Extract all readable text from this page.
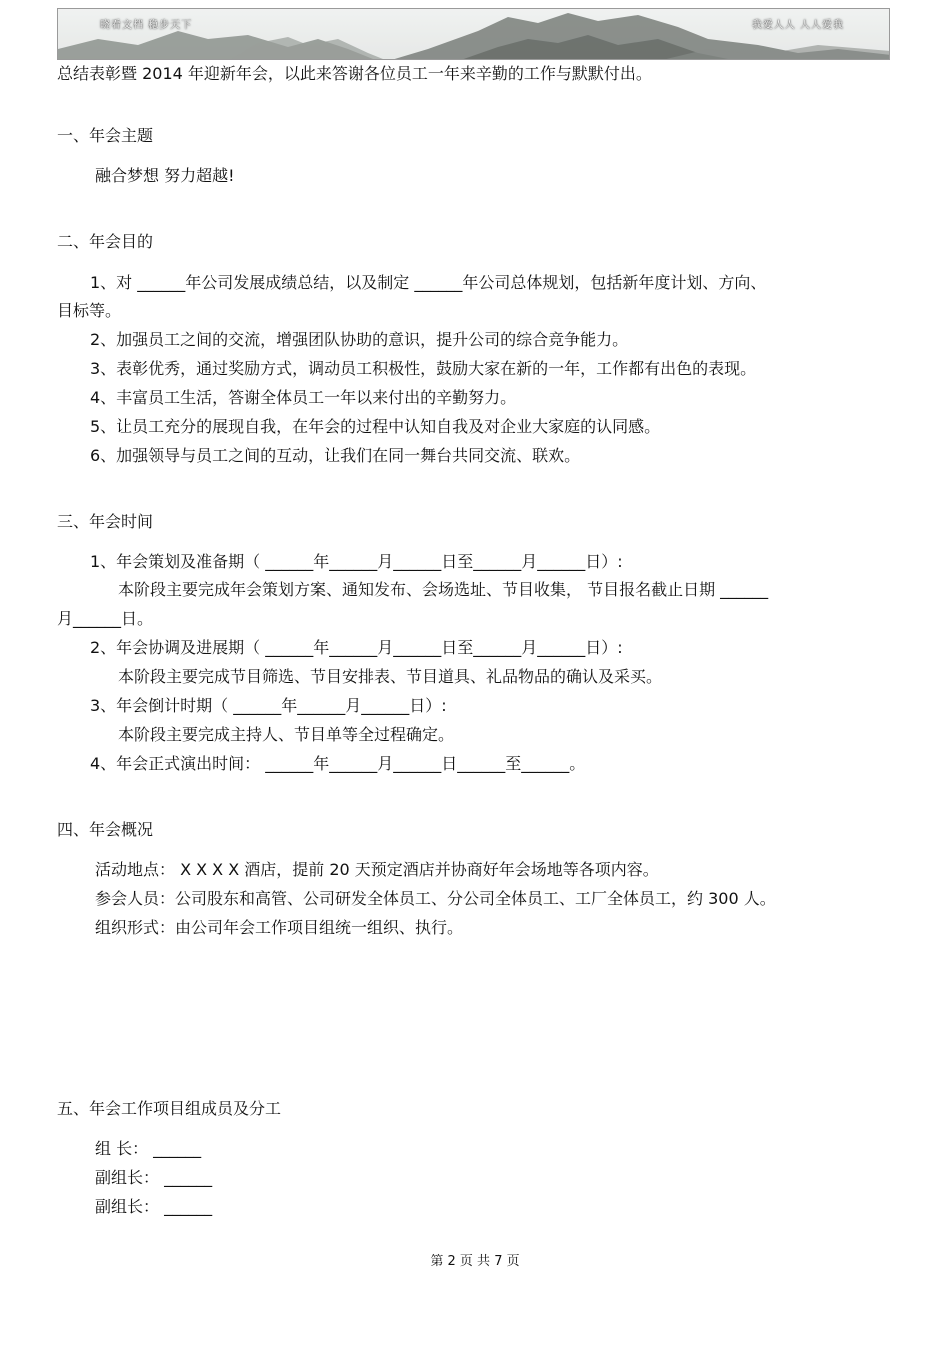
晓看文档 稳步天下	我爱人人 人人爱我
总结表彰暨 2014 年迎新年会，以此来答谢各位员工一年来辛勤的工作与默默付出。
一、年会主题
融合梦想 努力超越!
二、年会目的
1、对 ______年公司发展成绩总结，以及制定 ______年公司总体规划，包括新年度计划、方向、
目标等。
2、加强员工之间的交流，增强团队协助的意识，提升公司的综合竞争能力。
3、表彰优秀，通过奖励方式，调动员工积极性，鼓励大家在新的一年，工作都有出色的表现。
4、丰富员工生活，答谢全体员工一年以来付出的辛勤努力。
5、让员工充分的展现自我，在年会的过程中认知自我及对企业大家庭的认同感。
6、加强领导与员工之间的互动，让我们在同一舞台共同交流、联欢。
三、年会时间
1、年会策划及准备期（ ______年______月______日至______月______日）:
本阶段主要完成年会策划方案、通知发布、会场选址、节目收集， 节目报名截止日期 ______
月______日。
2、年会协调及进展期（ ______年______月______日至______月______日）:
本阶段主要完成节目筛选、节目安排表、节目道具、礼品物品的确认及采买。
3、年会倒计时期（ ______年______月______日）:
本阶段主要完成主持人、节目单等全过程确定。
4、年会正式演出时间： ______年______月______日______至______。
四、年会概况
活动地点： X X X X 酒店，提前 20 天预定酒店并协商好年会场地等各项内容。
参会人员：公司股东和高管、公司研发全体员工、分公司全体员工、工厂全体员工，约 300 人。
组织形式：由公司年会工作项目组统一组织、执行。
五、年会工作项目组成员及分工
组 长： ______
副组长： ______
副组长： ______
第 2 页 共 7 页
